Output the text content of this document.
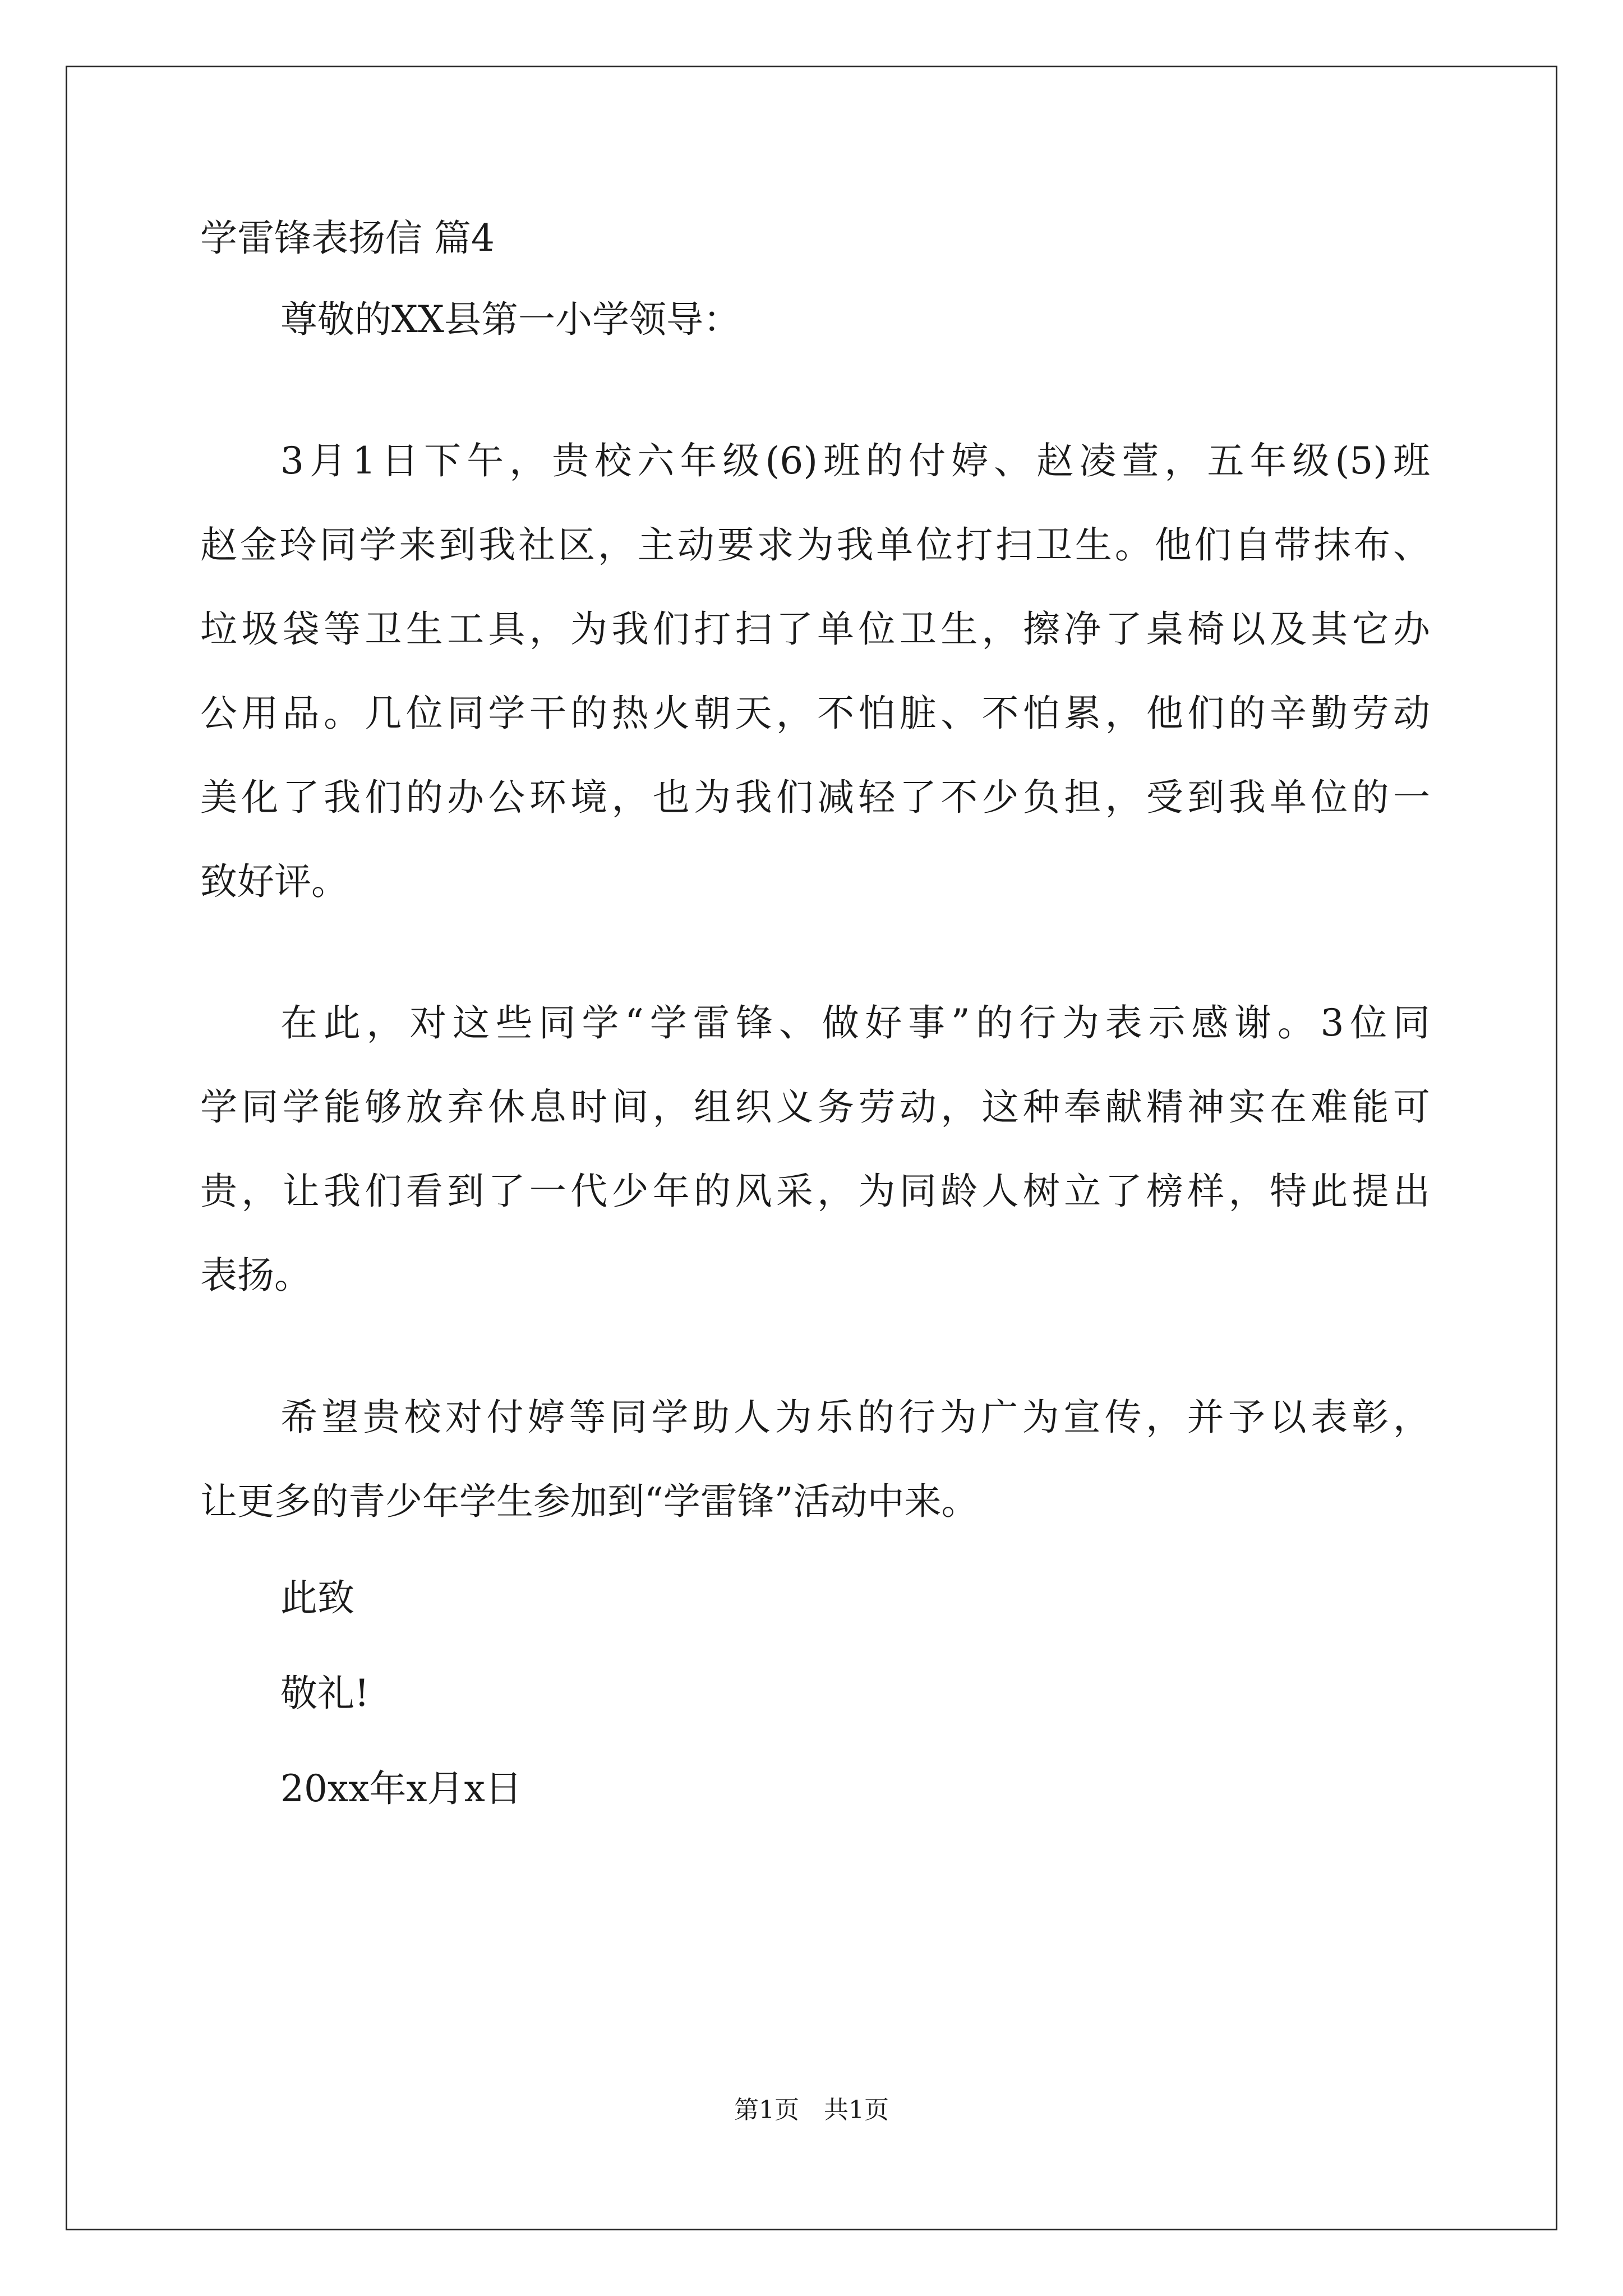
学雷锋表扬信 篇4
尊敬的XX县第一小学领导：
3月1日下午，贵校六年级(6)班的付婷、赵凌萱，五年级(5)班
赵金玲同学来到我社区，主动要求为我单位打扫卫生。他们自带抹布、
垃圾袋等卫生工具，为我们打扫了单位卫生，擦净了桌椅以及其它办
公用品。几位同学干的热火朝天，不怕脏、不怕累，他们的辛勤劳动
美化了我们的办公环境，也为我们减轻了不少负担，受到我单位的一
致好评。
在此，对这些同学“学雷锋、做好事”的行为表示感谢。3位同
学同学能够放弃休息时间，组织义务劳动，这种奉献精神实在难能可
贵，让我们看到了一代少年的风采，为同龄人树立了榜样，特此提出
表扬。
希望贵校对付婷等同学助人为乐的行为广为宣传，并予以表彰，
让更多的青少年学生参加到“学雷锋”活动中来。
此致
敬礼!
20xx年x月x日
第1页　共1页
